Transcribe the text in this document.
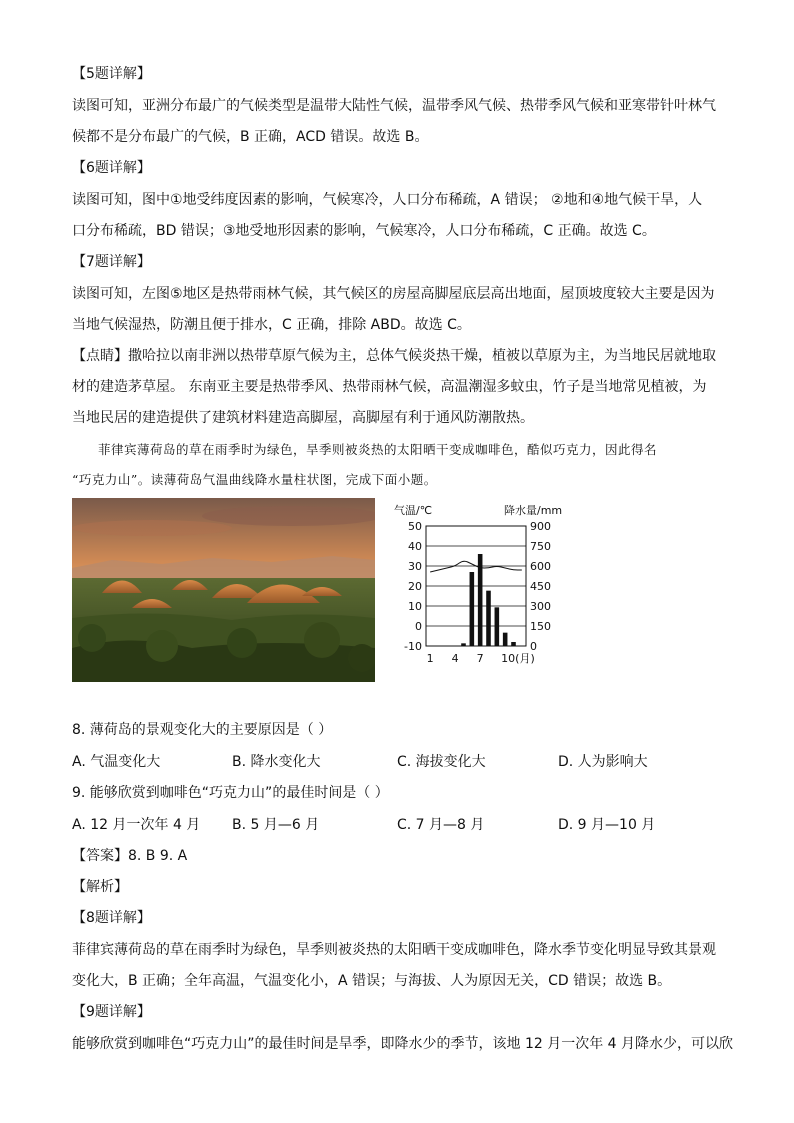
【5题详解】
读图可知，亚洲分布最广的气候类型是温带大陆性气候，温带季风气候、热带季风气候和亚寒带针叶林气
候都不是分布最广的气候，B 正确，ACD 错误。故选 B。
【6题详解】
读图可知，图中①地受纬度因素的影响，气候寒冷，人口分布稀疏，A 错误； ②地和④地气候干旱，人
口分布稀疏，BD 错误；③地受地形因素的影响，气候寒冷，人口分布稀疏，C 正确。故选 C。
【7题详解】
读图可知，左图⑤地区是热带雨林气候，其气候区的房屋高脚屋底层高出地面，屋顶坡度较大主要是因为
当地气候湿热，防潮且便于排水，C 正确，排除 ABD。故选 C。
【点睛】撒哈拉以南非洲以热带草原气候为主，总体气候炎热干燥，植被以草原为主，为当地民居就地取
材的建造茅草屋。 东南亚主要是热带季风、热带雨林气候，高温潮湿多蚊虫，竹子是当地常见植被，为
当地民居的建造提供了建筑材料建造高脚屋，高脚屋有利于通风防潮散热。
菲律宾薄荷岛的草在雨季时为绿色，旱季则被炎热的太阳晒干变成咖啡色，酷似巧克力，因此得名
“巧克力山”。读薄荷岛气温曲线降水量柱状图，完成下面小题。
气温/℃	降水量/mm
50	900
40	750
30	600
20	450
10	300
0	150
-10	0
1 4 7 10(月)
8. 薄荷岛的景观变化大的主要原因是（ ）
A. 气温变化大	B. 降水变化大	C. 海拔变化大	D. 人为影响大
9. 能够欣赏到咖啡色“巧克力山”的最佳时间是（ ）
A. 12 月一次年 4 月 B. 5 月—6 月	C. 7 月—8 月	D. 9 月—10 月
【答案】8. B 9. A
【解析】
【8题详解】
菲律宾薄荷岛的草在雨季时为绿色，旱季则被炎热的太阳晒干变成咖啡色，降水季节变化明显导致其景观
变化大，B 正确；全年高温，气温变化小，A 错误；与海拔、人为原因无关，CD 错误；故选 B。
【9题详解】
能够欣赏到咖啡色“巧克力山”的最佳时间是旱季，即降水少的季节，该地 12 月一次年 4 月降水少，可以欣
